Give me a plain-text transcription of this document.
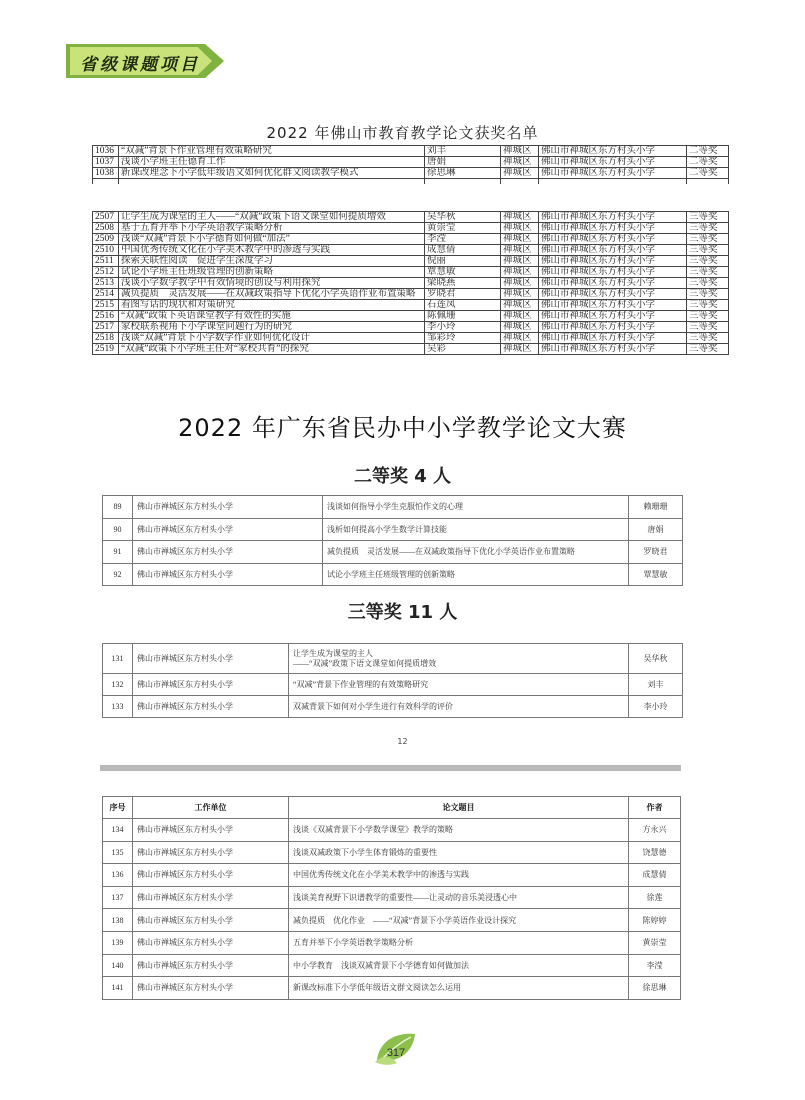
省级课题项目
2022 年佛山市教育教学论文获奖名单
1036	“双减”背景下作业管理有效策略研究	刘丰	禅城区	佛山市禅城区东方村头小学	二等奖
1037	浅谈小学班主任德育工作	唐娟	禅城区	佛山市禅城区东方村头小学	二等奖
1038	新课改理念下小学低年级语文如何优化群文阅读教学模式	徐思琳	禅城区	佛山市禅城区东方村头小学	二等奖

2507	让学生成为课堂的主人——“双减”政策下语文课堂如何提质增效	吴华秋	禅城区	佛山市禅城区东方村头小学	三等奖
2508	基于五育并举下小学英语教学策略分析	黄崇莹	禅城区	佛山市禅城区东方村头小学	三等奖
2509	浅谈“双减”背景下小学德育如何做“加法”	李滢	禅城区	佛山市禅城区东方村头小学	三等奖
2510	中国优秀传统文化在小学美术教学中的渗透与实践	成慧倩	禅城区	佛山市禅城区东方村头小学	三等奖
2511	探索关联性阅读　促进学生深度学习	倪丽	禅城区	佛山市禅城区东方村头小学	三等奖
2512	试论小学班主任班级管理的创新策略	覃慧敏	禅城区	佛山市禅城区东方村头小学	三等奖
2513	浅谈小学数学教学中有效情境的创设与利用探究	梁晓燕	禅城区	佛山市禅城区东方村头小学	三等奖
2514	减负提质　灵活发展——在双减政策指导下优化小学英语作业布置策略	罗晓君	禅城区	佛山市禅城区东方村头小学	三等奖
2515	看图写话的现状和对策研究	石莲凤	禅城区	佛山市禅城区东方村头小学	三等奖
2516	“双减”政策下英语课堂教学有效性的实施	陈佩珊	禅城区	佛山市禅城区东方村头小学	三等奖
2517	家校联系视角下小学课堂问题行为的研究	李小玲	禅城区	佛山市禅城区东方村头小学	三等奖
2518	浅谈“双减”背景下小学数学作业如何优化设计	邹彩玲	禅城区	佛山市禅城区东方村头小学	三等奖
2519	“双减”政策下小学班主任对“家校共育”的探究	吴彩	禅城区	佛山市禅城区东方村头小学	三等奖
2022 年广东省民办中小学教学论文大赛
二等奖 4 人
89	佛山市禅城区东方村头小学	浅谈如何指导小学生克服怕作文的心理	赖珊珊
90	佛山市禅城区东方村头小学	浅析如何提高小学生数学计算技能	唐娟
91	佛山市禅城区东方村头小学	减负提质　灵活发展——在双减政策指导下优化小学英语作业布置策略	罗晓君
92	佛山市禅城区东方村头小学	试论小学班主任班级管理的创新策略	覃慧敏
三等奖 11 人
131	佛山市禅城区东方村头小学	让学生成为课堂的主人
——“双减”政策下语文课堂如何提质增效	吴华秋
132	佛山市禅城区东方村头小学	“双减”背景下作业管理的有效策略研究	刘丰
133	佛山市禅城区东方村头小学	双减背景下如何对小学生进行有效科学的评价	李小玲
12
序号	工作单位	论文题目	作者
134	佛山市禅城区东方村头小学	浅谈《双减背景下小学数学课堂》教学的策略	方永兴
135	佛山市禅城区东方村头小学	浅谈双减政策下小学生体育锻炼的重要性	饶慧德
136	佛山市禅城区东方村头小学	中国优秀传统文化在小学美术教学中的渗透与实践	成慧倩
137	佛山市禅城区东方村头小学	浅谈美育视野下识谱教学的重要性——让灵动的音乐美浸透心中	徐莲
138	佛山市禅城区东方村头小学	减负提质　优化作业　——“双减”背景下小学英语作业设计探究	陈婷婷
139	佛山市禅城区东方村头小学	五育并举下小学英语教学策略分析	黄崇莹
140	佛山市禅城区东方村头小学	中小学教育　浅谈双减背景下小学德育如何做加法	李滢
141	佛山市禅城区东方村头小学	新课改标准下小学低年级语文群文阅读怎么运用	徐思琳
317
